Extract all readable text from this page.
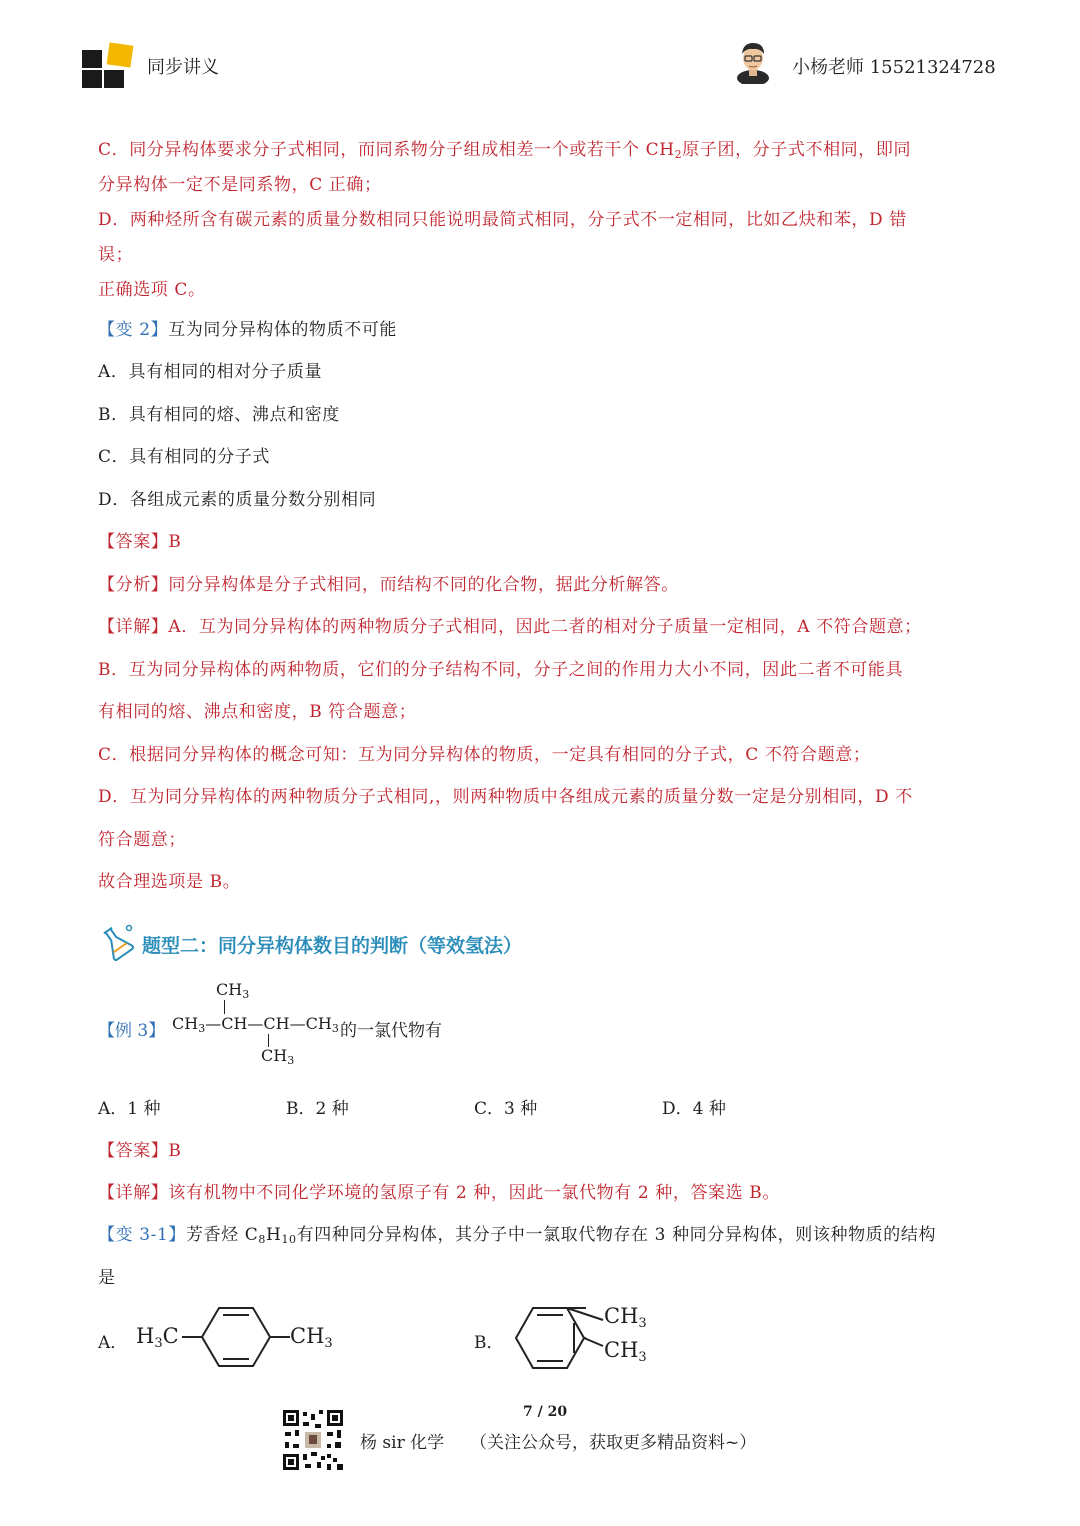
同步讲义	小杨老师 15521324728
C．同分异构体要求分子式相同，而同系物分子组成相差一个或若干个 $CH_2$原子团，分子式不相同，即同
分异构体一定不是同系物，C 正确；
D．两种烃所含有碳元素的质量分数相同只能说明最简式相同，分子式不一定相同，比如乙炔和苯，D 错
误；
正确选项 C。
【变 2】互为同分异构体的物质不可能
A．具有相同的相对分子质量
B．具有相同的熔、沸点和密度
C．具有相同的分子式
D．各组成元素的质量分数分别相同
【答案】B
【分析】同分异构体是分子式相同，而结构不同的化合物，据此分析解答。
【详解】A．互为同分异构体的两种物质分子式相同，因此二者的相对分子质量一定相同，A 不符合题意；
B．互为同分异构体的两种物质，它们的分子结构不同，分子之间的作用力大小不同，因此二者不可能具
有相同的熔、沸点和密度，B 符合题意；
C．根据同分异构体的概念可知：互为同分异构体的物质，一定具有相同的分子式，C 不符合题意；
D．互为同分异构体的两种物质分子式相同,，则两种物质中各组成元素的质量分数一定是分别相同，D 不
符合题意；
故合理选项是 B。
题型二：同分异构体数目的判断（等效氢法）
【例 3】
$CH_3$
$CH_3—CH—CH—CH_3$
$CH_3$
的一氯代物有
A．1 种	B．2 种	C．3 种	D．4 种
【答案】B
【详解】该有机物中不同化学环境的氢原子有 2 种，因此一氯代物有 2 种，答案选 B。
【变 3-1】芳香烃 $C_8H_{10}$有四种同分异构体，其分子中一氯取代物存在 3 种同分异构体，则该种物质的结构
是
A． H3C	CH3	B．
CH3
CH3
7 / 20
杨 sir 化学 （关注公众号，获取更多精品资料~）
